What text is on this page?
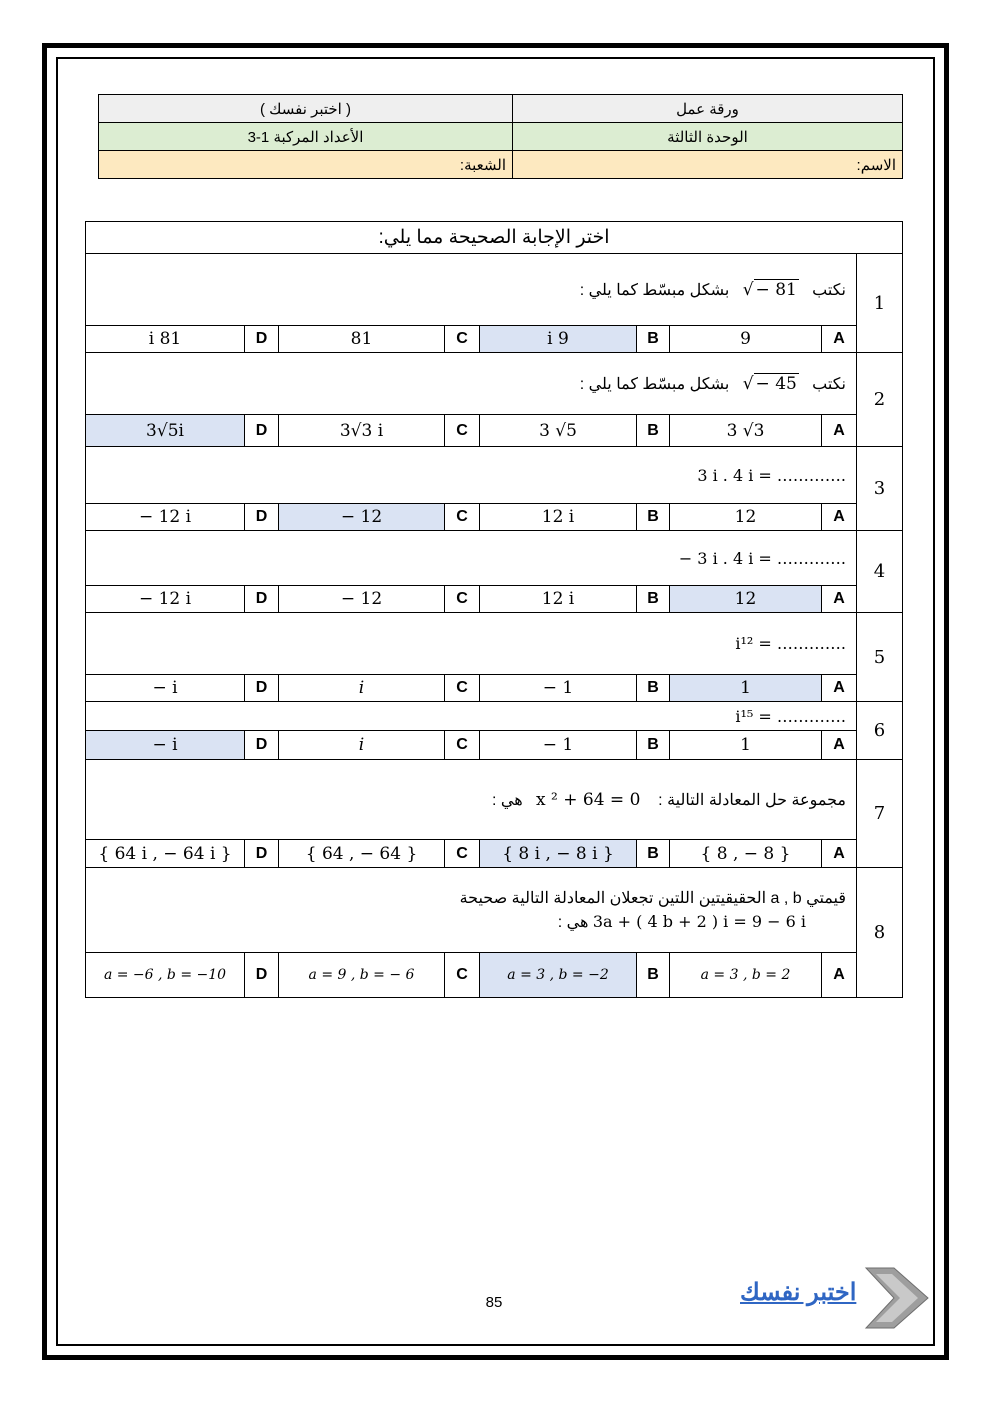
ورقة عمل	( اختبر نفسك )
الوحدة الثالثة	3-1 الأعداد المركبة
الاسم:	الشعبة:
اختر الإجابة الصحيحة مما يلي:								
1	نكتب   √ − 81   بشكل مبسّط كما يلي :							
	A	9	B	9 i	C	81	D	81 i
2	نكتب   √ − 45   بشكل مبسّط كما يلي :							
	A	3 √3	B	3 √5	C	3√3 i	D	3√5i
3	3 i . 4 i = ………….							
	A	12	B	12 i	C	− 12	D	− 12 i
4	− 3 i . 4 i = ………….							
	A	12	B	12 i	C	− 12	D	− 12 i
5	i¹² = ………….							
	A	1	B	− 1	C	i	D	− i
6	i¹⁵ = ………….							
	A	1	B	− 1	C	i	D	− i
7	مجموعة حل المعادلة التالية :    x ² + 64 = 0   هي :							
	A	{ 8 , − 8 }	B	{ 8 i , − 8 i }	C	{ 64 , − 64 }	D	{ 64 i , − 64 i }
8	قيمتي a , b الحقيقيتين اللتين تجعلان المعادلة التالية صحيحة
3a + ( 4 b + 2 ) i = 9 − 6 i هي :							

	A	a = 3 , b = 2	B	a = 3 , b = −2	C	a = 9 , b = − 6	D	a = −6 , b = −10
اختبر نفسك
85
